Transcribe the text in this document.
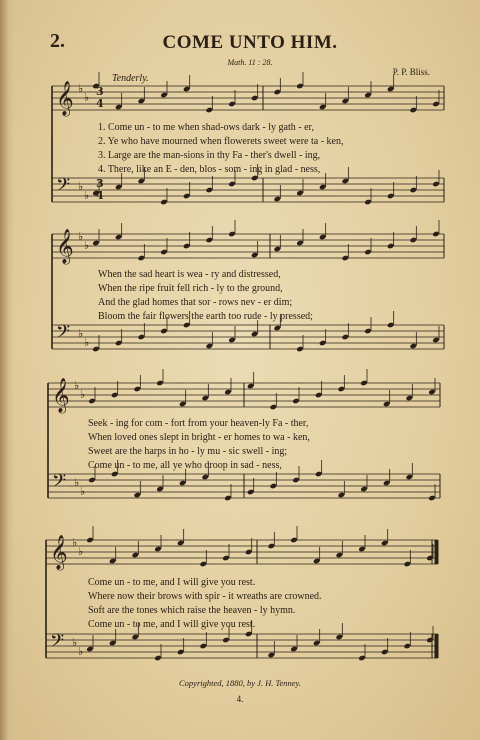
2.	COME UNTO HIM.
Math. 11 : 28.
P. P. Bliss.
Tenderly.
𝄞 ♭
♭
𝄢 ♭
♭
𝄞 ♭
♭
𝄢 ♭
♭
𝄞 ♭
♭
𝄢 ♭
♭
𝄞 ♭
♭
𝄢 ♭
♭
3
4
3
4
1. Come un - to me when shad-ows dark - ly gath - er,
2. Ye who have mourned when flowerets sweet were ta - ken,
3. Large are the man-sions in thy Fa - ther's dwell - ing,
4. There, like an E - den, blos - som - ing in glad - ness,
When the sad heart is wea - ry and distressed,
When the ripe fruit fell rich - ly to the ground,
And the glad homes that sor - rows nev - er dim;
Bloom the fair flowers the earth too rude - ly pressed;
Seek - ing for com - fort from your heaven-ly Fa - ther,
When loved ones slept in bright - er homes to wa - ken,
Sweet are the harps in ho - ly mu - sic swell - ing;
Come un - to me, all ye who droop in sad - ness,
Come un - to me, and I will give you rest.
Where now their brows with spir - it wreaths are crowned.
Soft are the tones which raise the heaven - ly hymn.
Come un - to me, and I will give you rest.
Copyrighted, 1880, by J. H. Tenney.
4.
